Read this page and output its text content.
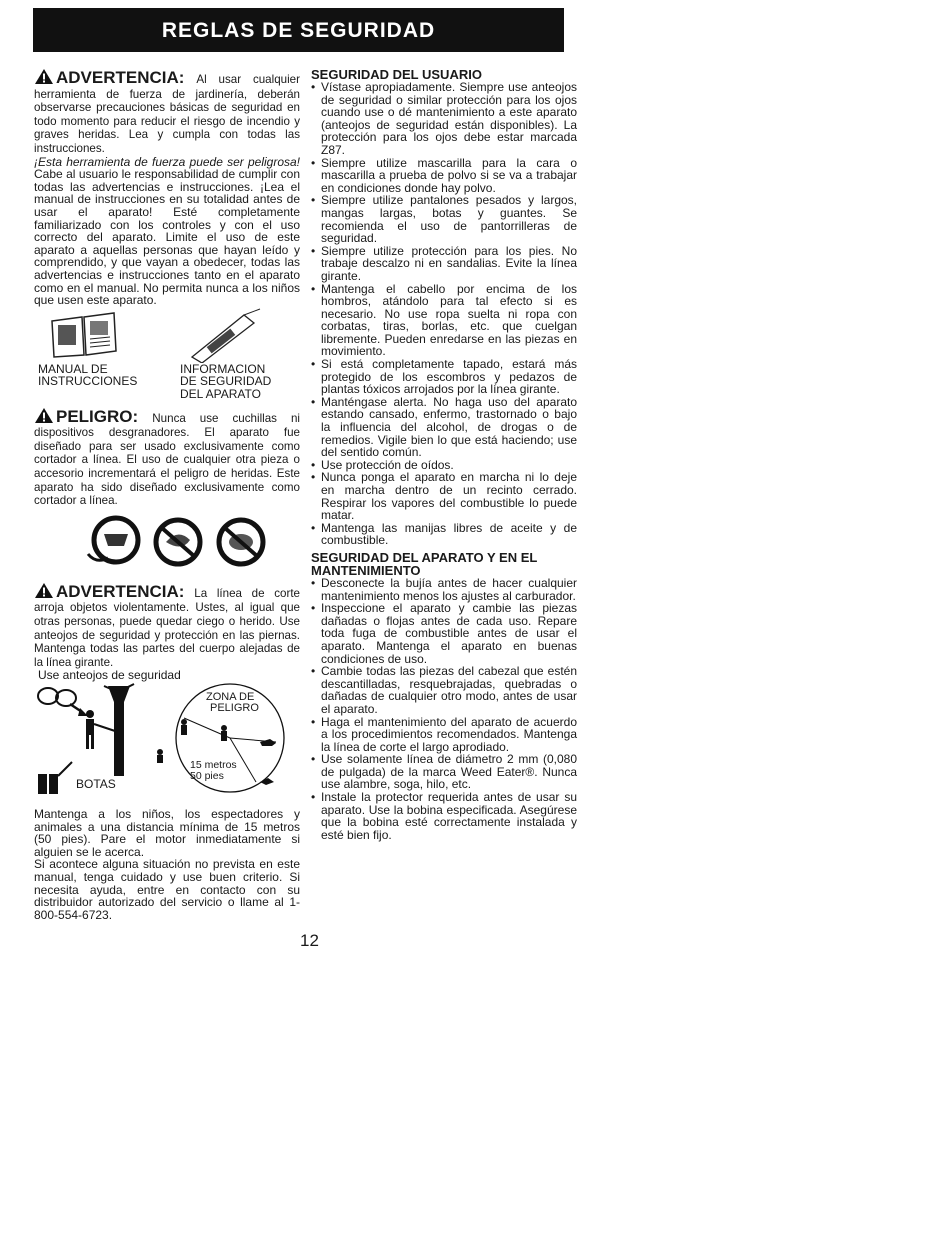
REGLAS DE SEGURIDAD

ADVERTENCIA: Al usar cualquier herramienta de fuerza de jardinería, deberán observarse precauciones básicas de seguridad en todo momento para reducir el riesgo de incendio y graves heridas. Lea y cumpla con todas las instrucciones.

¡Esta herramienta de fuerza puede ser peligrosa! Cabe al usuario le responsabilidad de cumplir con todas las advertencias e instrucciones. ¡Lea el manual de instrucciones en su totalidad antes de usar el aparato! Esté completamente familiarizado con los controles y con el uso correcto del aparato. Limite el uso de este aparato a aquellas personas que hayan leído y comprendido, y que vayan a obedecer, todas las advertencias e instrucciones tanto en el aparato como en el manual. No permita nunca a los niños que usen este aparato.

MANUAL DE
INSTRUCCIONES
INFORMACION
DE SEGURIDAD
DEL APARATO

PELIGRO: Nunca use cuchillas ni dispositivos desgranadores. El aparato fue diseñado para ser usado exclusivamente como cortador a línea. El uso de cualquier otra pieza o accesorio incrementará el peligro de heridas. Este aparato ha sido diseñado exclusivamente como cortador a línea.

ADVERTENCIA: La línea de corte arroja objetos violentamente. Ustes, al igual que otras personas, puede quedar ciego o herido. Use anteojos de seguridad y protección en las piernas. Mantenga todas las partes del cuerpo alejadas de la línea girante.

Use anteojos de seguridad
ZONA DE
PELIGRO
15 metros
50 pies
BOTAS

Mantenga a los niños, los espectadores y animales a una distancia mínima de 15 metros (50 pies). Pare el motor inmediatamente si alguien se le acerca.

Si acontece alguna situación no prevista en este manual, tenga cuidado y use buen criterio. Si necesita ayuda, entre en contacto con su distribuidor autorizado del servicio o llame al 1-800-554-6723.

SEGURIDAD DEL USUARIO
• Vístase apropiadamente. Siempre use anteojos de seguridad o similar protección para los ojos cuando use o dé mantenimiento a este aparato (anteojos de seguridad están disponibles). La protección para los ojos debe estar marcada Z87.
• Siempre utilize mascarilla para la cara o mascarilla a prueba de polvo si se va a trabajar en condiciones donde hay polvo.
• Siempre utilize pantalones pesados y largos, mangas largas, botas y guantes. Se recomienda el uso de pantorrilleras de seguridad.
• Siempre utilize protección para los pies. No trabaje descalzo ni en sandalias. Evite la línea girante.
• Mantenga el cabello por encima de los hombros, atándolo para tal efecto si es necesario. No use ropa suelta ni ropa con corbatas, tiras, borlas, etc. que cuelgan libremente. Pueden enredarse en las piezas en movimiento.
• Si está completamente tapado, estará más protegido de los escombros y pedazos de plantas tóxicos arrojados por la línea girante.
• Manténgase alerta. No haga uso del aparato estando cansado, enfermo, trastornado o bajo la influencia del alcohol, de drogas o de remedios. Vigile bien lo que está haciendo; use del sentido común.
• Use protección de oídos.
• Nunca ponga el aparato en marcha ni lo deje en marcha dentro de un recinto cerrado. Respirar los vapores del combustible lo puede matar.
• Mantenga las manijas libres de aceite y de combustible.
SEGURIDAD DEL APARATO Y EN EL MANTENIMIENTO
• Desconecte la bujía antes de hacer cualquier mantenimiento menos los ajustes al carburador.
• Inspeccione el aparato y cambie las piezas dañadas o flojas antes de cada uso. Repare toda fuga de combustible antes de usar el aparato. Mantenga el aparato en buenas condiciones de uso.
• Cambie todas las piezas del cabezal que estén descantilladas, resquebrajadas, quebradas o dañadas de cualquier otro modo, antes de usar el aparato.
• Haga el mantenimiento del aparato de acuerdo a los procedimientos recomendados. Mantenga la línea de corte el largo aprodiado.
• Use solamente línea de diámetro 2 mm (0,080 de pulgada) de la marca Weed Eater®. Nunca use alambre, soga, hilo, etc.
• Instale la protector requerida antes de usar su aparato. Use la bobina especificada. Asegúrese que la bobina esté correctamente instalada y esté bien fijo.
12
